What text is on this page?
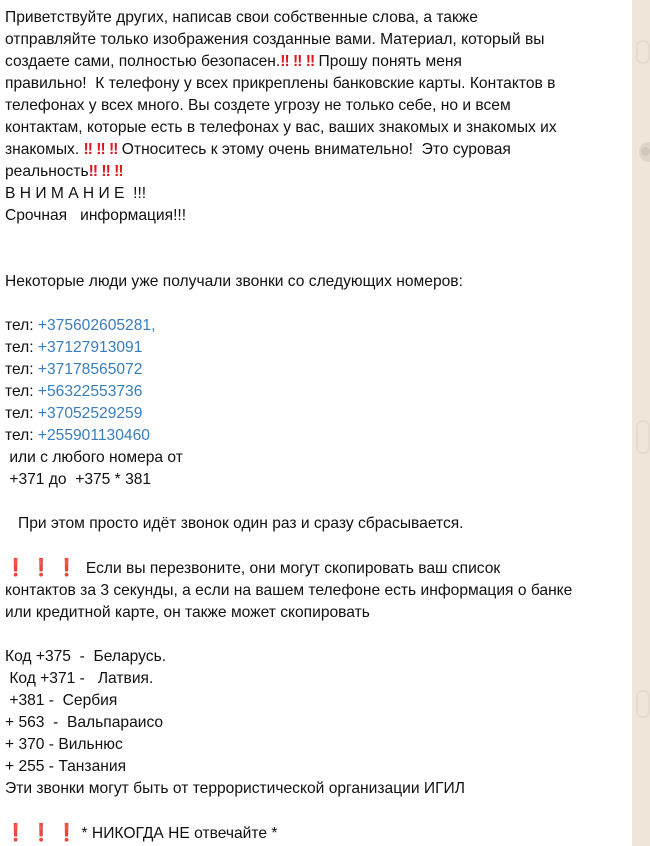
Приветствуйте других, написав свои собственные слова, а также
отправляйте только изображения созданные вами. Материал, который вы
создаете сами, полностью безопасен.‼ ‼ ‼ Прошу понять меня
правильно!  К телефону у всех прикреплены банковские карты. Контактов в
телефонах у всех много. Вы создете угрозу не только себе, но и всем
контактам, которые есть в телефонах у вас, ваших знакомых и знакомых их
знакомых. ‼ ‼ ‼ Относитесь к этому очень внимательно!  Это суровая
реальность‼ ‼ ‼
В Н И М А Н И Е  !!!
Срочная   информация!!!
Некоторые люди уже получали звонки со следующих номеров:
тел: +375602605281,
тел: +37127913091
тел: +37178565072
тел: +56322553736
тел: +37052529259
тел: +255901130460
или с любого номера от
+371 до  +375 * 381
При этом просто идёт звонок один раз и сразу сбрасывается.
❗ ❗ ❗  Если вы перезвоните, они могут скопировать ваш список
контактов за 3 секунды, а если на вашем телефоне есть информация о банке
или кредитной карте, он также может скопировать
Код +375  -  Беларусь.
Код +371 -   Латвия.
+381 -  Сербия
+ 563  -  Вальпараисо
+ 370 - Вильнюс
+ 255 - Танзания
Эти звонки могут быть от террористической организации ИГИЛ
❗ ❗ ❗ * НИКОГДА НЕ отвечайте *
